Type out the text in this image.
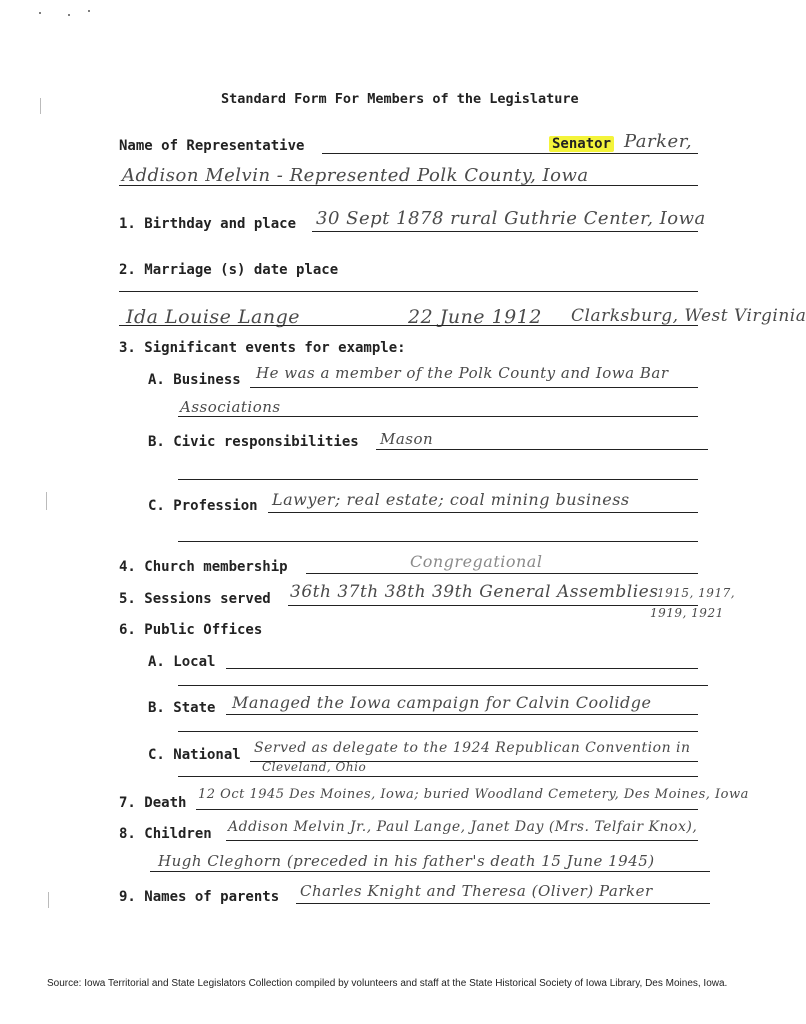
Standard Form For Members of the Legislature
Name of Representative	Senator Parker,
Addison Melvin - Represented Polk County, Iowa
1. Birthday and place 30 Sept 1878 rural Guthrie Center, Iowa
2. Marriage (s) date place
Ida Louise Lange	22 June 1912 Clarksburg, West Virginia
3. Significant events for example:
A. Business He was a member of the Polk County and Iowa Bar
Associations
B. Civic responsibilities Mason
C. Profession Lawyer; real estate; coal mining business
4. Church membership	Congregational
5. Sessions served 36th 37th 38th 39th General Assemblies
1915, 1917,
1919, 1921
6. Public Offices
A. Local
B. State Managed the Iowa campaign for Calvin Coolidge
C. National Served as delegate to the 1924 Republican Convention in
Cleveland, Ohio
7. Death
12 Oct 1945 Des Moines, Iowa; buried Woodland Cemetery, Des Moines, Iowa
8. Children Addison Melvin Jr., Paul Lange, Janet Day (Mrs. Telfair Knox),
Hugh Cleghorn (preceded in his father's death 15 June 1945)
9. Names of parents Charles Knight and Theresa (Oliver) Parker
Source: Iowa Territorial and State Legislators Collection compiled by volunteers and staff at the State Historical Society of Iowa Library, Des Moines, Iowa.
